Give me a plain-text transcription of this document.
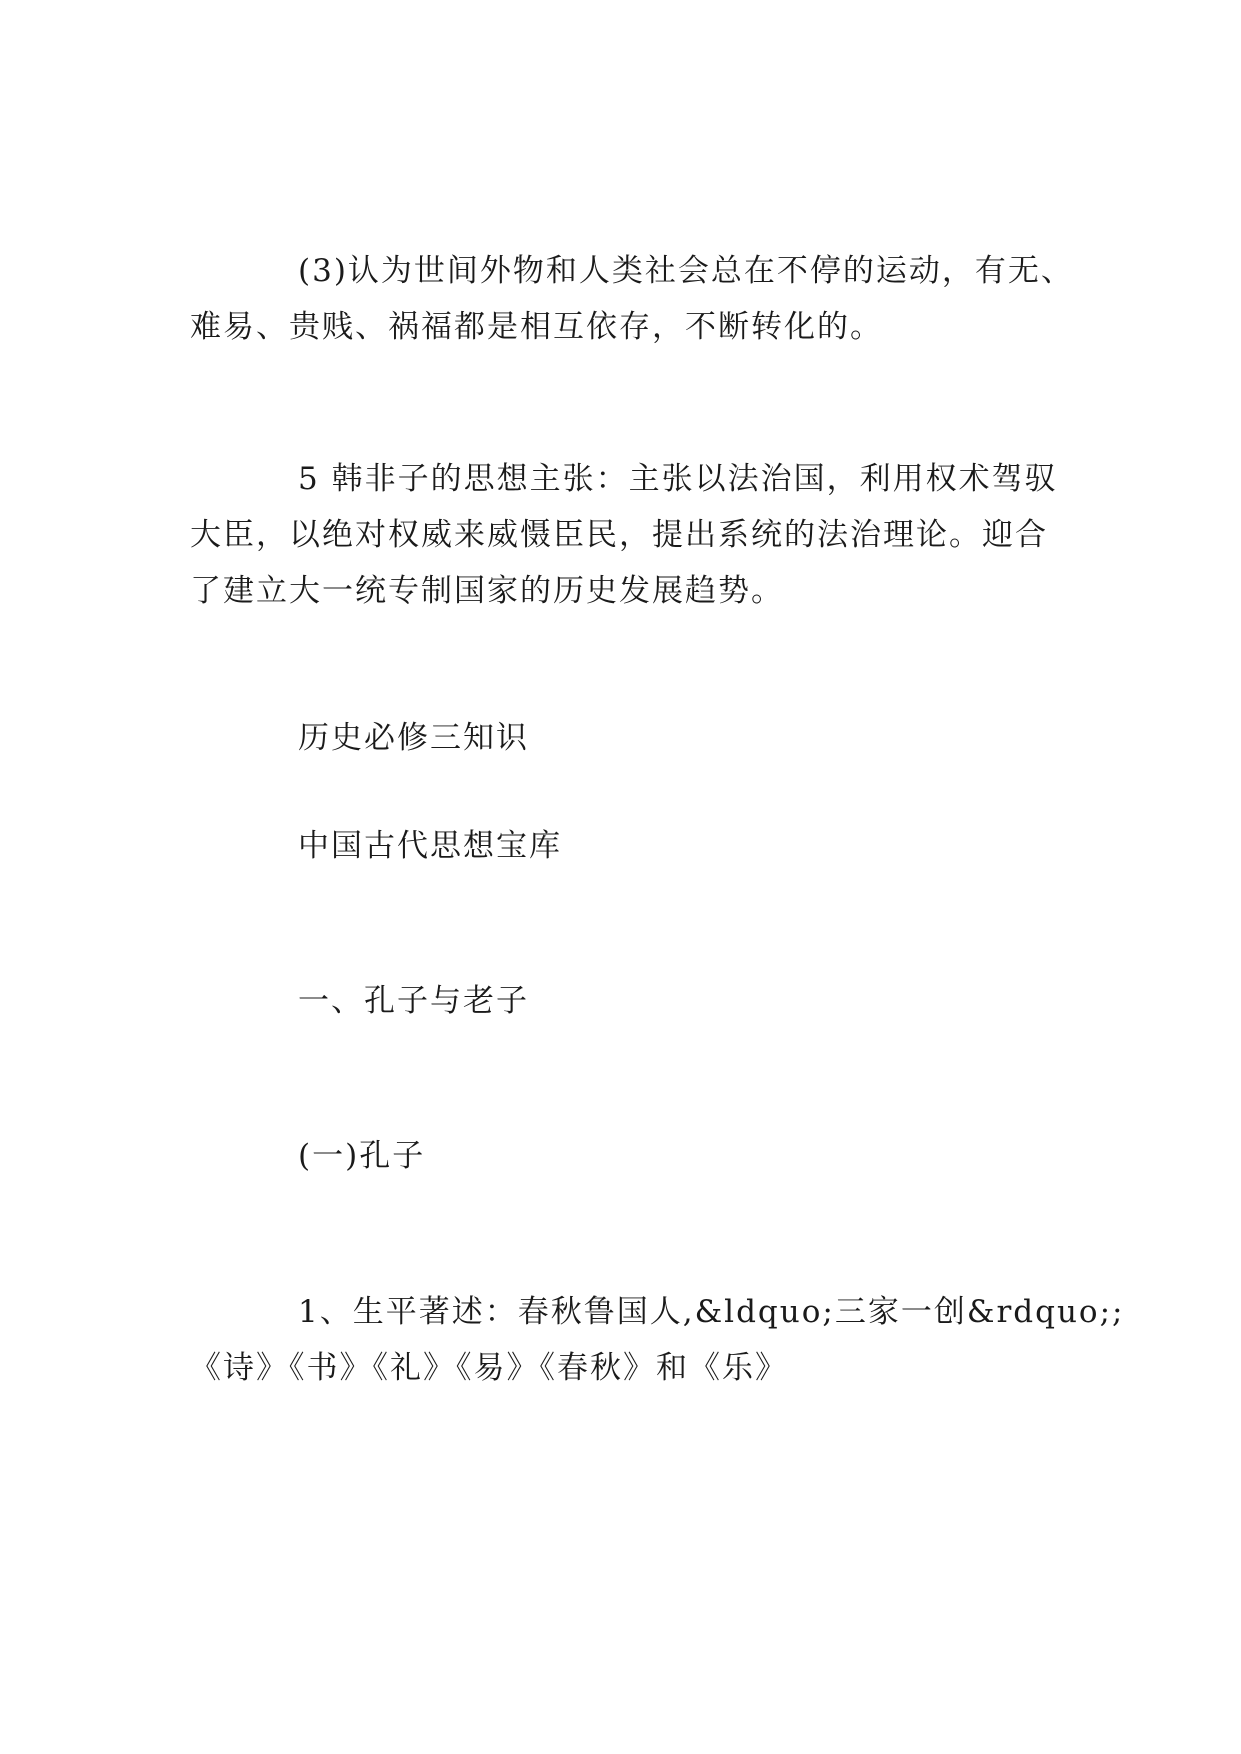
(3)认为世间外物和人类社会总在不停的运动，有无、
难易、贵贱、祸福都是相互依存，不断转化的。

5 韩非子的思想主张：主张以法治国，利用权术驾驭
大臣，以绝对权威来威慑臣民，提出系统的法治理论。迎合
了建立大一统专制国家的历史发展趋势。

历史必修三知识

中国古代思想宝库

一、孔子与老子

(一)孔子

1、生平著述：春秋鲁国人,&ldquo;三家一创&rdquo;;
《诗》《书》《礼》《易》《春秋》和《乐》
